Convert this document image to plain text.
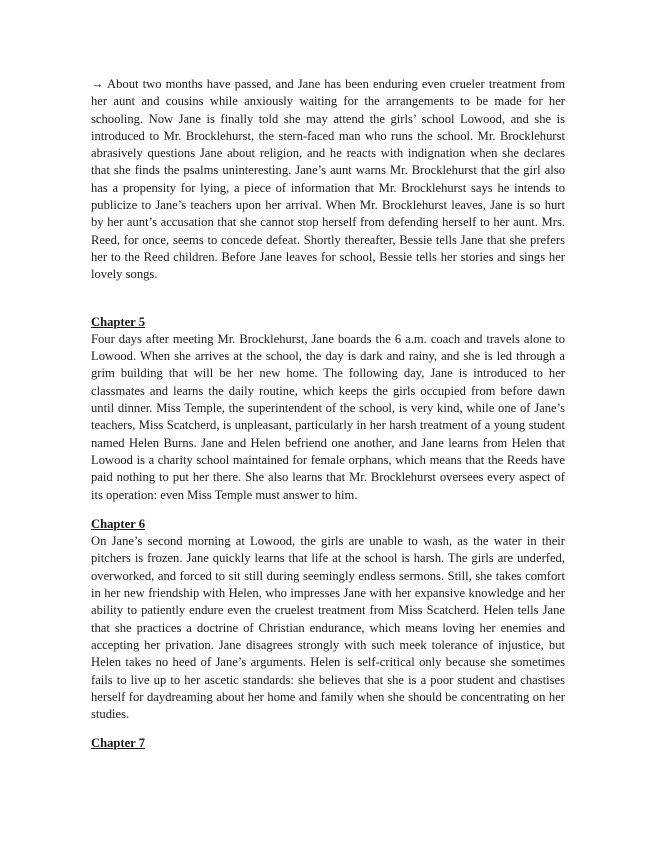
→ About two months have passed, and Jane has been enduring even crueler treatment from her aunt and cousins while anxiously waiting for the arrangements to be made for her schooling. Now Jane is finally told she may attend the girls’ school Lowood, and she is introduced to Mr. Brocklehurst, the stern-faced man who runs the school. Mr. Brocklehurst abrasively questions Jane about religion, and he reacts with indignation when she declares that she finds the psalms uninteresting. Jane’s aunt warns Mr. Brocklehurst that the girl also has a propensity for lying, a piece of information that Mr. Brocklehurst says he intends to publicize to Jane’s teachers upon her arrival. When Mr. Brocklehurst leaves, Jane is so hurt by her aunt’s accusation that she cannot stop herself from defending herself to her aunt. Mrs. Reed, for once, seems to concede defeat. Shortly thereafter, Bessie tells Jane that she prefers her to the Reed children. Before Jane leaves for school, Bessie tells her stories and sings her lovely songs.

Chapter 5

Four days after meeting Mr. Brocklehurst, Jane boards the 6 a.m. coach and travels alone to Lowood. When she arrives at the school, the day is dark and rainy, and she is led through a grim building that will be her new home. The following day, Jane is introduced to her classmates and learns the daily routine, which keeps the girls occupied from before dawn until dinner. Miss Temple, the superintendent of the school, is very kind, while one of Jane’s teachers, Miss Scatcherd, is unpleasant, particularly in her harsh treatment of a young student named Helen Burns. Jane and Helen befriend one another, and Jane learns from Helen that Lowood is a charity school maintained for female orphans, which means that the Reeds have paid nothing to put her there. She also learns that Mr. Brocklehurst oversees every aspect of its operation: even Miss Temple must answer to him.

Chapter 6

On Jane’s second morning at Lowood, the girls are unable to wash, as the water in their pitchers is frozen. Jane quickly learns that life at the school is harsh. The girls are underfed, overworked, and forced to sit still during seemingly endless sermons. Still, she takes comfort in her new friendship with Helen, who impresses Jane with her expansive knowledge and her ability to patiently endure even the cruelest treatment from Miss Scatcherd. Helen tells Jane that she practices a doctrine of Christian endurance, which means loving her enemies and accepting her privation. Jane disagrees strongly with such meek tolerance of injustice, but Helen takes no heed of Jane’s arguments. Helen is self-critical only because she sometimes fails to live up to her ascetic standards: she believes that she is a poor student and chastises herself for daydreaming about her home and family when she should be concentrating on her studies.

Chapter 7
